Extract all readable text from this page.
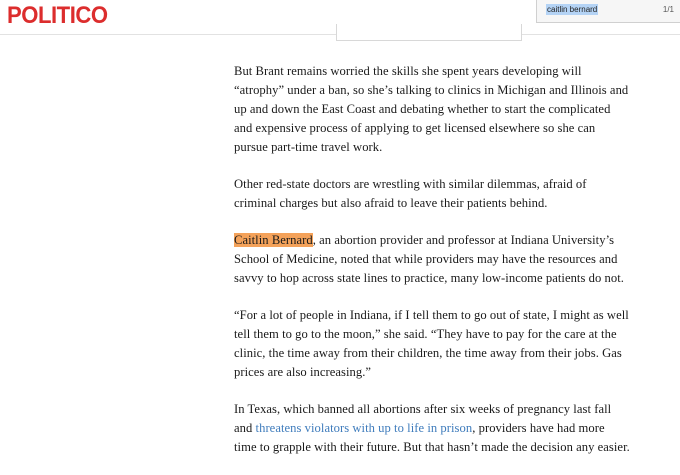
POLITICO	caitlin bernard	1/1

But Brant remains worried the skills she spent years developing will “atrophy” under a ban, so she’s talking to clinics in Michigan and Illinois and up and down the East Coast and debating whether to start the complicated and expensive process of applying to get licensed elsewhere so she can pursue part-time travel work.

Other red-state doctors are wrestling with similar dilemmas, afraid of criminal charges but also afraid to leave their patients behind.

Caitlin Bernard, an abortion provider and professor at Indiana University’s School of Medicine, noted that while providers may have the resources and savvy to hop across state lines to practice, many low-income patients do not.

“For a lot of people in Indiana, if I tell them to go out of state, I might as well tell them to go to the moon,” she said. “They have to pay for the care at the clinic, the time away from their children, the time away from their jobs. Gas prices are also increasing.”

In Texas, which banned all abortions after six weeks of pregnancy last fall and threatens violators with up to life in prison, providers have had more time to grapple with their future. But that hasn’t made the decision any easier.
